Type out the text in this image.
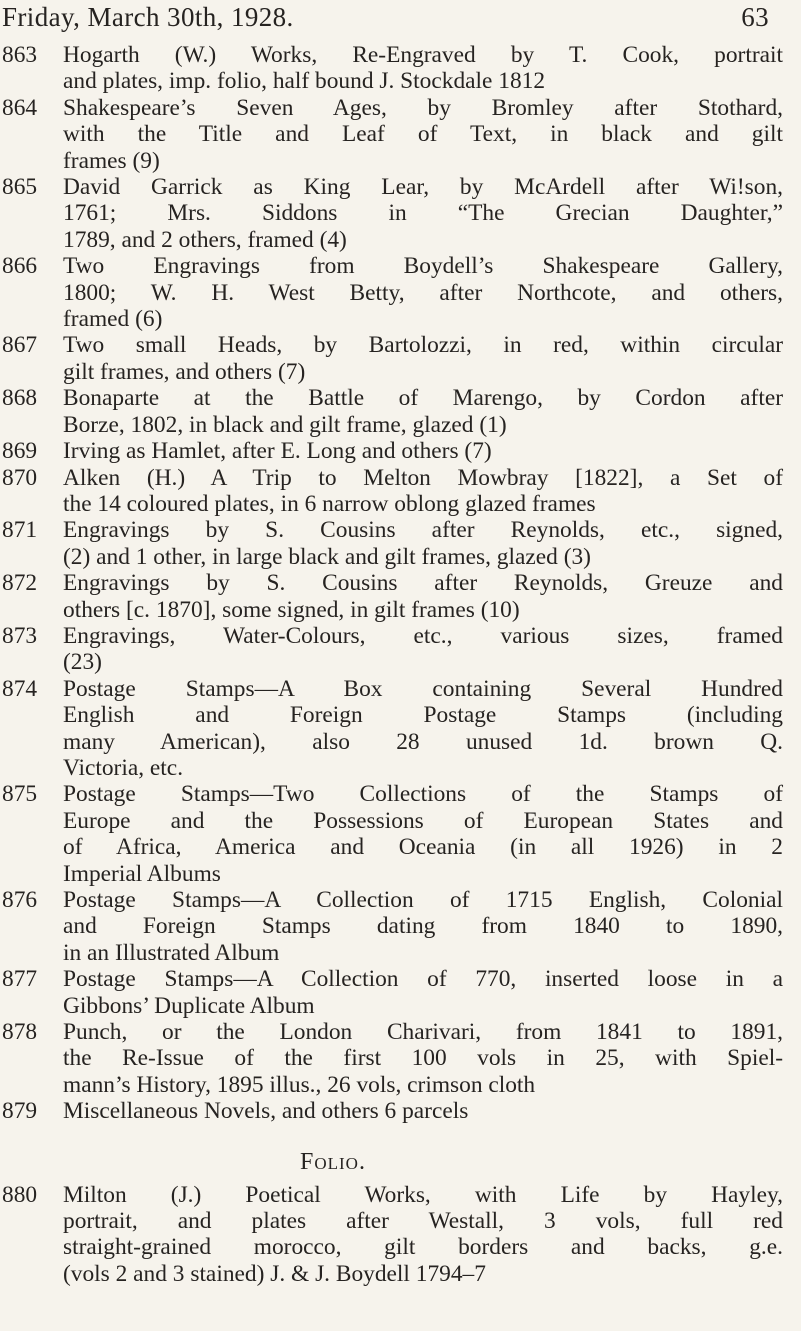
Friday, March 30th, 1928.	63
863	Hogarth (W.) Works, Re-Engraved by T. Cook, portrait
and plates, imp. folio, half bound J. Stockdale 1812
864	Shakespeare’s Seven Ages, by Bromley after Stothard,
with the Title and Leaf of Text, in black and gilt
frames (9)
865	David Garrick as King Lear, by McArdell after Wi!son,
1761; Mrs. Siddons in “The Grecian Daughter,”
1789, and 2 others, framed (4)
866	Two Engravings from Boydell’s Shakespeare Gallery,
1800; W. H. West Betty, after Northcote, and others,
framed (6)
867	Two small Heads, by Bartolozzi, in red, within circular
gilt frames, and others (7)
868	Bonaparte at the Battle of Marengo, by Cordon after
Borze, 1802, in black and gilt frame, glazed (1)
869	Irving as Hamlet, after E. Long and others (7)
870	Alken (H.) A Trip to Melton Mowbray [1822], a Set of
the 14 coloured plates, in 6 narrow oblong glazed frames
871	Engravings by S. Cousins after Reynolds, etc., signed,
(2) and 1 other, in large black and gilt frames, glazed (3)
872	Engravings by S. Cousins after Reynolds, Greuze and
others [c. 1870], some signed, in gilt frames (10)
873	Engravings, Water-Colours, etc., various sizes, framed
(23)
874	Postage Stamps—A Box containing Several Hundred
English and Foreign Postage Stamps (including
many American), also 28 unused 1d. brown Q.
Victoria, etc.
875	Postage Stamps—Two Collections of the Stamps of
Europe and the Possessions of European States and
of Africa, America and Oceania (in all 1926) in 2
Imperial Albums
876	Postage Stamps—A Collection of 1715 English, Colonial
and Foreign Stamps dating from 1840 to 1890,
in an Illustrated Album
877	Postage Stamps—A Collection of 770, inserted loose in a
Gibbons’ Duplicate Album
878	Punch, or the London Charivari, from 1841 to 1891,
the Re-Issue of the first 100 vols in 25, with Spiel-
mann’s History, 1895 illus., 26 vols, crimson cloth
879	Miscellaneous Novels, and others 6 parcels
Folio.
880	Milton (J.) Poetical Works, with Life by Hayley,
portrait, and plates after Westall, 3 vols, full red
straight-grained morocco, gilt borders and backs, g.e.
(vols 2 and 3 stained) J. & J. Boydell 1794–7
